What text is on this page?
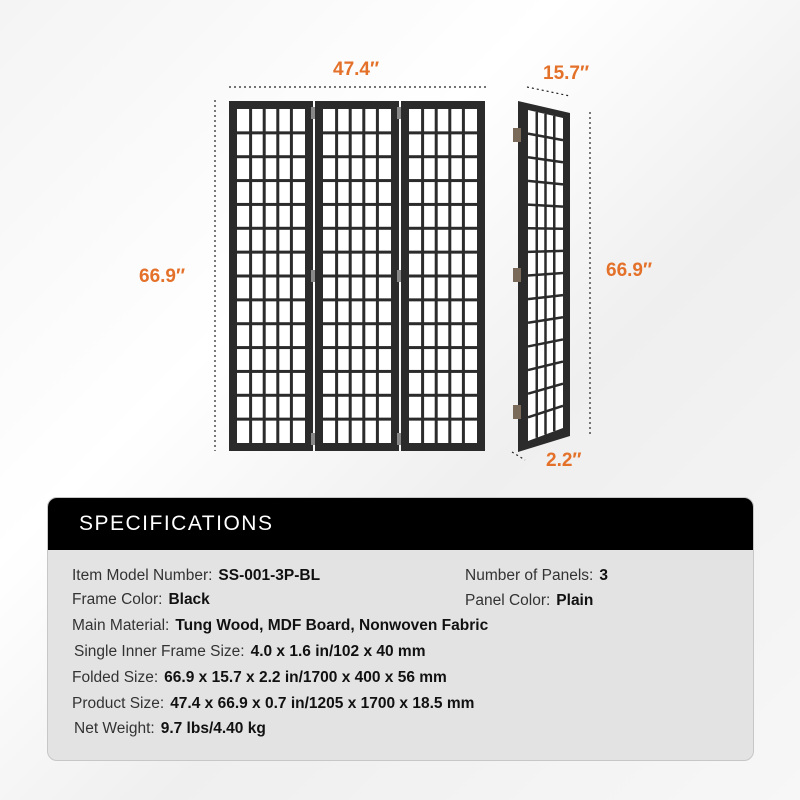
47.4″	15.7″
66.9″	66.9″
2.2″
SPECIFICATIONS
Item Model Number: SS-001-3P-BL	Number of Panels: 3
Frame Color: Black	Panel Color: Plain
Main Material: Tung Wood, MDF Board, Nonwoven Fabric
Single Inner Frame Size: 4.0 x 1.6 in/102 x 40 mm
Folded Size: 66.9 x 15.7 x 2.2 in/1700 x 400 x 56 mm
Product Size: 47.4 x 66.9 x 0.7 in/1205 x 1700 x 18.5 mm
Net Weight: 9.7 lbs/4.40 kg
